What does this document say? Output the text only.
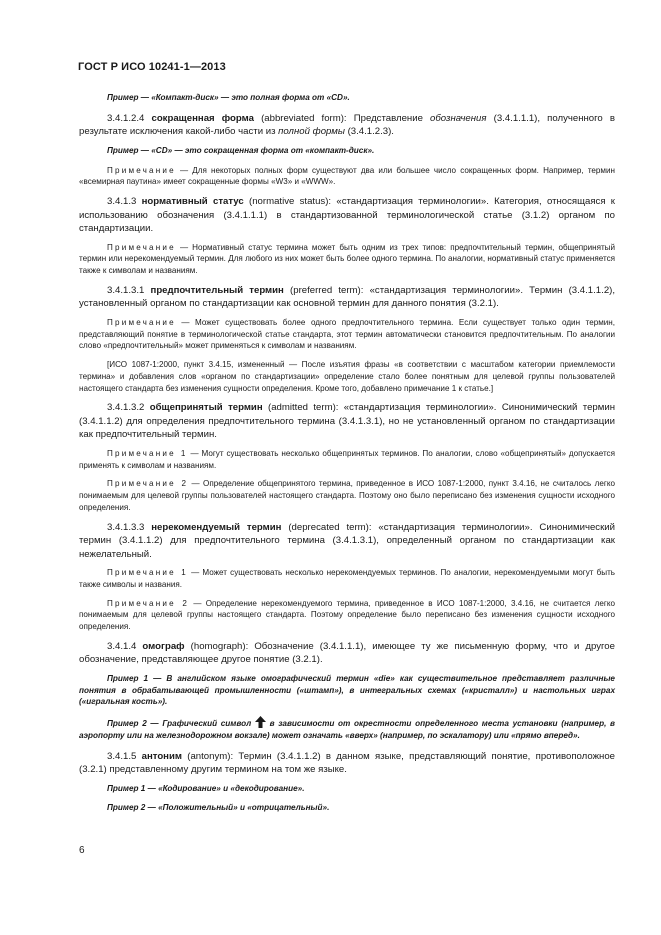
ГОСТ Р ИСО 10241-1—2013
Пример — «Компакт-диск» — это полная форма от «CD».
3.4.1.2.4 сокращенная форма (abbreviated form): Представление обозначения (3.4.1.1.1), полученного в результате исключения какой-либо части из полной формы (3.4.1.2.3).
Пример — «CD» — это сокращенная форма от «компакт-диск».
Примечание — Для некоторых полных форм существуют два или большее число сокращенных форм. Например, термин «всемирная паутина» имеет сокращенные формы «W3» и «WWW».
3.4.1.3 нормативный статус (normative status): «стандартизация терминологии». Категория, относящаяся к использованию обозначения (3.4.1.1.1) в стандартизованной терминологической статье (3.1.2) органом по стандартизации.
Примечание — Нормативный статус термина может быть одним из трех типов: предпочтительный термин, общепринятый термин или нерекомендуемый термин. Для любого из них может быть более одного термина. По аналогии, нормативный статус применяется также к символам и названиям.
3.4.1.3.1 предпочтительный термин (preferred term): «стандартизация терминологии». Термин (3.4.1.1.2), установленный органом по стандартизации как основной термин для данного понятия (3.2.1).
Примечание — Может существовать более одного предпочтительного термина. Если существует только один термин, представляющий понятие в терминологической статье стандарта, этот термин автоматически становится предпочтительным. По аналогии слово «предпочтительный» может применяться к символам и названиям.
[ИСО 1087-1:2000, пункт 3.4.15, измененный — После изъятия фразы «в соответствии с масштабом категории приемлемости термина» и добавления слов «органом по стандартизации» определение стало более понятным для целевой группы пользователей настоящего стандарта без изменения сущности определения. Кроме того, добавлено примечание 1 к статье.]
3.4.1.3.2 общепринятый термин (admitted term): «стандартизация терминологии». Синонимический термин (3.4.1.1.2) для определения предпочтительного термина (3.4.1.3.1), но не установленный органом по стандартизации как предпочтительный термин.
Примечание 1 — Могут существовать несколько общепринятых терминов. По аналогии, слово «общепринятый» допускается применять к символам и названиям.
Примечание 2 — Определение общепринятого термина, приведенное в ИСО 1087-1:2000, пункт 3.4.16, не считалось легко понимаемым для целевой группы пользователей настоящего стандарта. Поэтому оно было переписано без изменения сущности исходного определения.
3.4.1.3.3 нерекомендуемый термин (deprecated term): «стандартизация терминологии». Синонимический термин (3.4.1.1.2) для предпочтительного термина (3.4.1.3.1), определенный органом по стандартизации как нежелательный.
Примечание 1 — Может существовать несколько нерекомендуемых терминов. По аналогии, нерекомендуемыми могут быть также символы и названия.
Примечание 2 — Определение нерекомендуемого термина, приведенное в ИСО 1087-1:2000, 3.4.16, не считается легко понимаемым для целевой группы настоящего стандарта. Поэтому определение было переписано без изменения сущности исходного определения.
3.4.1.4 омограф (homograph): Обозначение (3.4.1.1.1), имеющее ту же письменную форму, что и другое обозначение, представляющее другое понятие (3.2.1).
Пример 1 — В английском языке омографический термин «die» как существительное представляет различные понятия в обрабатывающей промышленности («штамп»), в интегральных схемах («кристалл») и настольных играх («игральная кость»).
Пример 2 — Графический символ  в зависимости от окрестности определенного места установки (например, в аэропорту или на железнодорожном вокзале) может означать «вверх» (например, по эскалатору) или «прямо вперед».
3.4.1.5 антоним (antonym): Термин (3.4.1.1.2) в данном языке, представляющий понятие, противоположное (3.2.1) представленному другим термином на том же языке.
Пример 1 — «Кодирование» и «декодирование».
Пример 2 — «Положительный» и «отрицательный».
6
